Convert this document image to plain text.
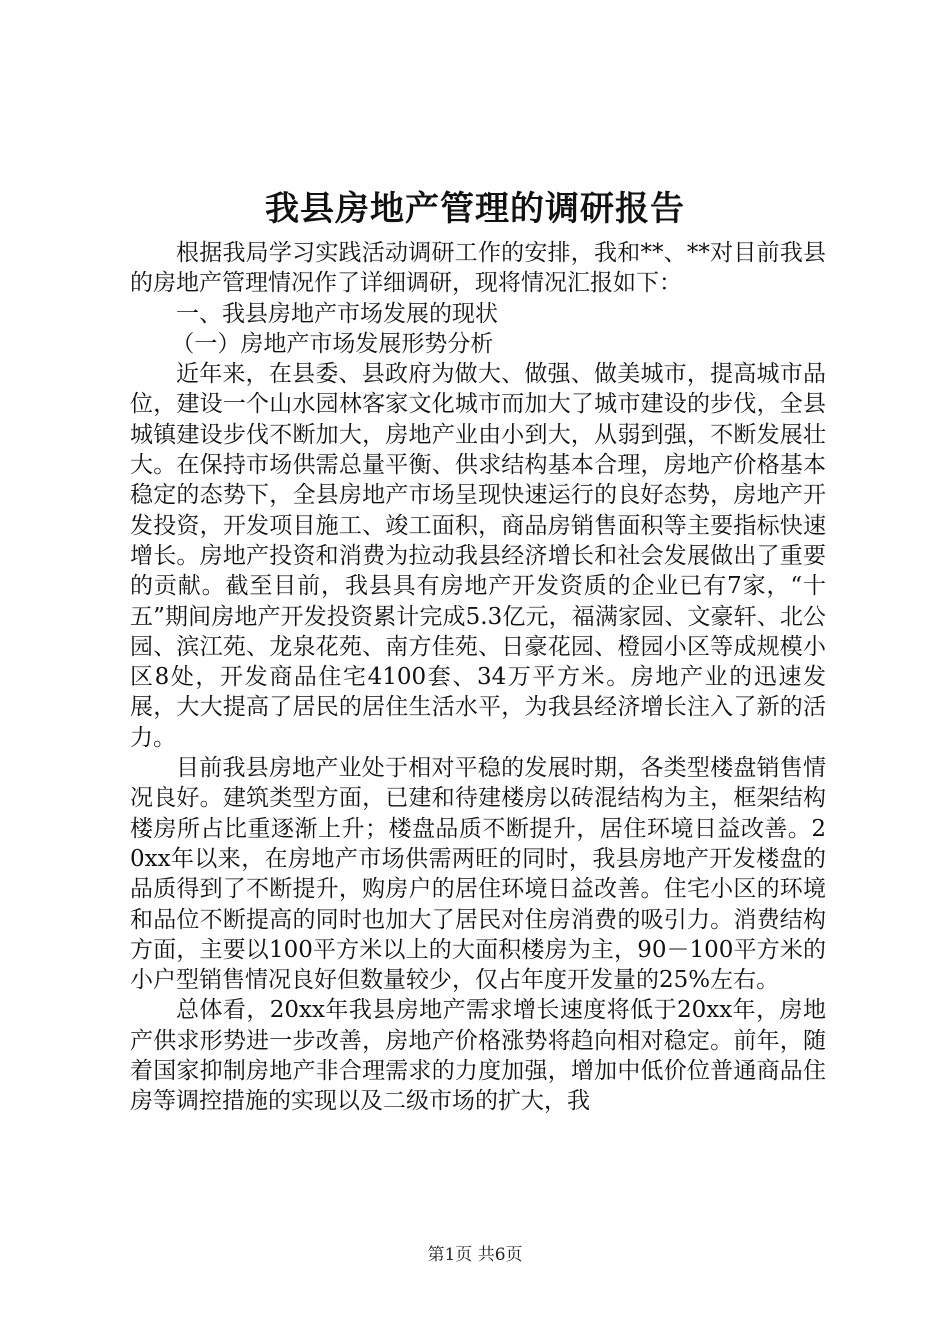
我县房地产管理的调研报告

根据我局学习实践活动调研工作的安排，我和**、**对目前我县的房地产管理情况作了详细调研，现将情况汇报如下：

一、我县房地产市场发展的现状

（一）房地产市场发展形势分析

近年来，在县委、县政府为做大、做强、做美城市，提高城市品位，建设一个山水园林客家文化城市而加大了城市建设的步伐，全县城镇建设步伐不断加大，房地产业由小到大，从弱到强，不断发展壮大。在保持市场供需总量平衡、供求结构基本合理，房地产价格基本稳定的态势下，全县房地产市场呈现快速运行的良好态势，房地产开发投资，开发项目施工、竣工面积，商品房销售面积等主要指标快速增长。房地产投资和消费为拉动我县经济增长和社会发展做出了重要的贡献。截至目前，我县具有房地产开发资质的企业已有7家，“十五”期间房地产开发投资累计完成5.3亿元，福满家园、文豪轩、北公园、滨江苑、龙泉花苑、南方佳苑、日豪花园、橙园小区等成规模小区8处，开发商品住宅4100套、34万平方米。房地产业的迅速发展，大大提高了居民的居住生活水平，为我县经济增长注入了新的活力。

目前我县房地产业处于相对平稳的发展时期，各类型楼盘销售情况良好。建筑类型方面，已建和待建楼房以砖混结构为主，框架结构楼房所占比重逐渐上升；楼盘品质不断提升，居住环境日益改善。20xx年以来，在房地产市场供需两旺的同时，我县房地产开发楼盘的品质得到了不断提升，购房户的居住环境日益改善。住宅小区的环境和品位不断提高的同时也加大了居民对住房消费的吸引力。消费结构方面，主要以100平方米以上的大面积楼房为主，90－100平方米的小户型销售情况良好但数量较少，仅占年度开发量的25%左右。

总体看，20xx年我县房地产需求增长速度将低于20xx年，房地产供求形势进一步改善，房地产价格涨势将趋向相对稳定。前年，随着国家抑制房地产非合理需求的力度加强，增加中低价位普通商品住房等调控措施的实现以及二级市场的扩大，我

第1页 共6页
